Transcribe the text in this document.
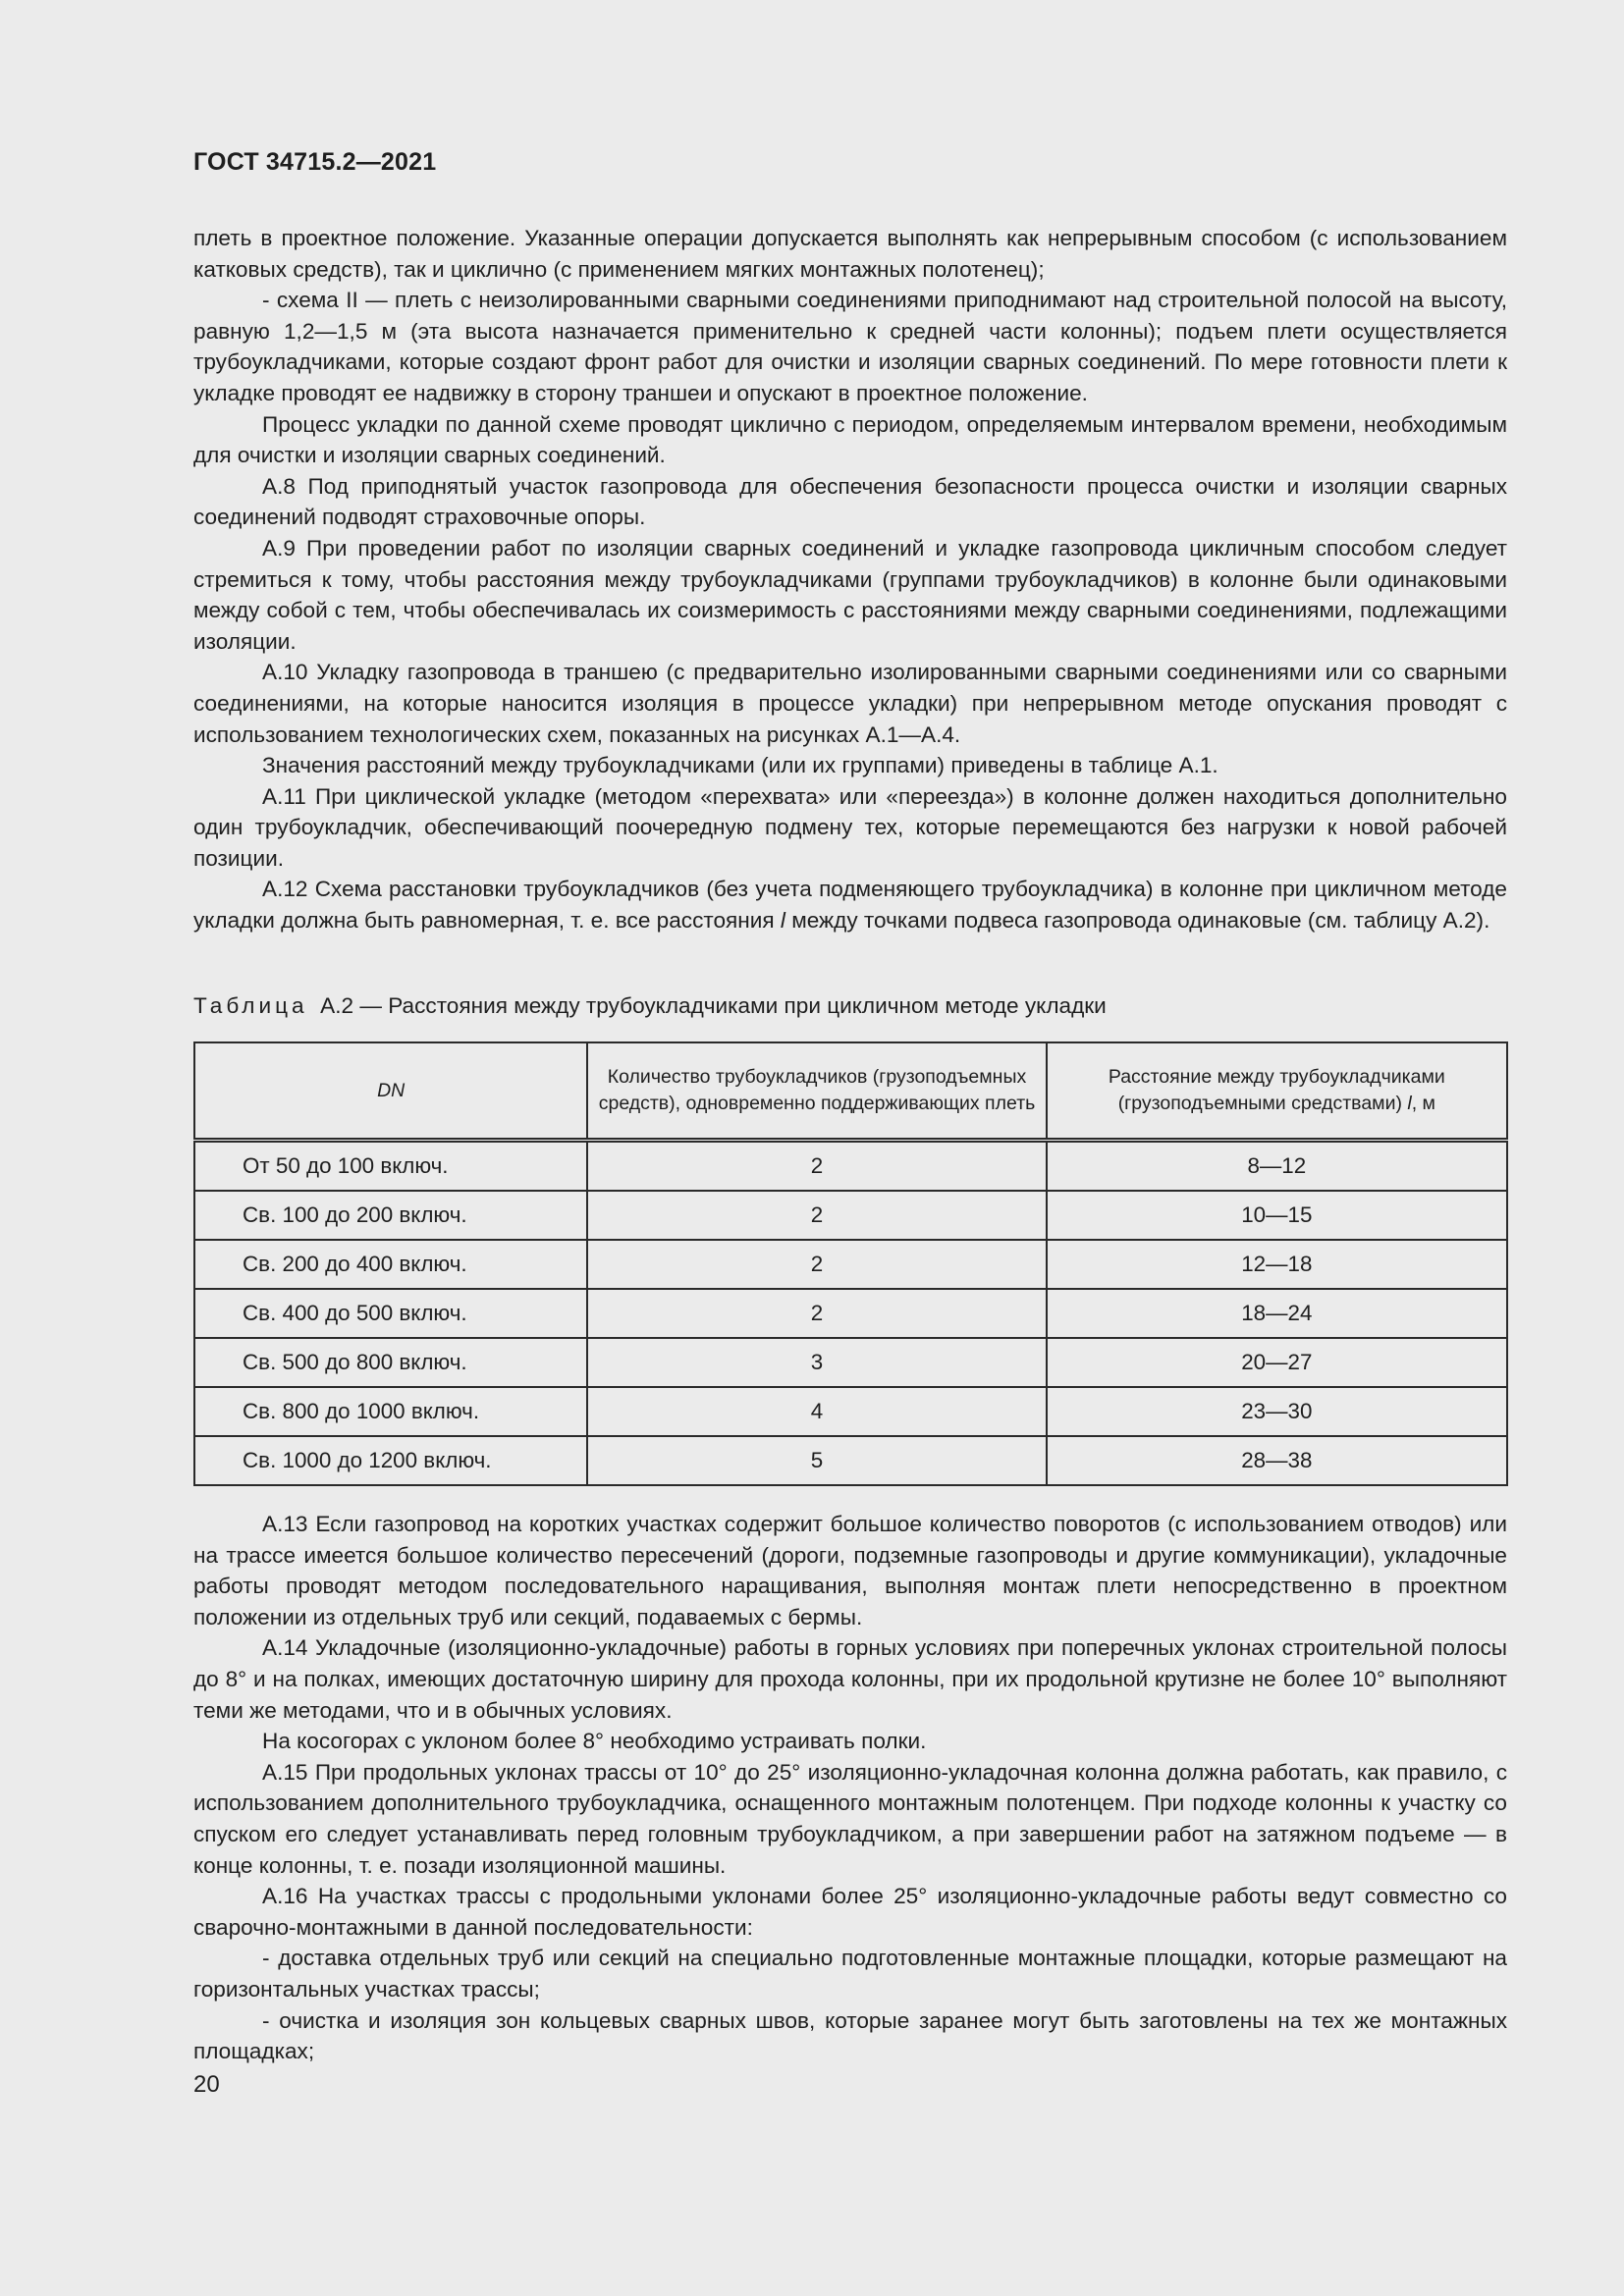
ГОСТ 34715.2—2021

плеть в проектное положение. Указанные операции допускается выполнять как непрерывным способом (с использованием катковых средств), так и циклично (с применением мягких монтажных полотенец);

- схема II — плеть с неизолированными сварными соединениями приподнимают над строительной полосой на высоту, равную 1,2—1,5 м (эта высота назначается применительно к средней части колонны); подъем плети осуществляется трубоукладчиками, которые создают фронт работ для очистки и изоляции сварных соединений. По мере готовности плети к укладке проводят ее надвижку в сторону траншеи и опускают в проектное положение.

Процесс укладки по данной схеме проводят циклично с периодом, определяемым интервалом времени, необходимым для очистки и изоляции сварных соединений.

А.8 Под приподнятый участок газопровода для обеспечения безопасности процесса очистки и изоляции сварных соединений подводят страховочные опоры.

А.9 При проведении работ по изоляции сварных соединений и укладке газопровода цикличным способом следует стремиться к тому, чтобы расстояния между трубоукладчиками (группами трубоукладчиков) в колонне были одинаковыми между собой с тем, чтобы обеспечивалась их соизмеримость с расстояниями между сварными соединениями, подлежащими изоляции.

А.10 Укладку газопровода в траншею (с предварительно изолированными сварными соединениями или со сварными соединениями, на которые наносится изоляция в процессе укладки) при непрерывном методе опускания проводят с использованием технологических схем, показанных на рисунках А.1—А.4.

Значения расстояний между трубоукладчиками (или их группами) приведены в таблице А.1.

А.11 При циклической укладке (методом «перехвата» или «переезда») в колонне должен находиться дополнительно один трубоукладчик, обеспечивающий поочередную подмену тех, которые перемещаются без нагрузки к новой рабочей позиции.

А.12 Схема расстановки трубоукладчиков (без учета подменяющего трубоукладчика) в колонне при цикличном методе укладки должна быть равномерная, т. е. все расстояния l между точками подвеса газопровода одинаковые (см. таблицу А.2).

Таблица А.2 — Расстояния между трубоукладчиками при цикличном методе укладки
DN	Количество трубоукладчиков (грузоподъемных средств), одновременно поддерживающих плеть	Расстояние между трубоукладчиками (грузоподъемными средствами) l, м
От 50 до 100 включ.	2	8—12
Св. 100 до 200 включ.	2	10—15
Св. 200 до 400 включ.	2	12—18
Св. 400 до 500 включ.	2	18—24
Св. 500 до 800 включ.	3	20—27
Св. 800 до 1000 включ.	4	23—30
Св. 1000 до 1200 включ.	5	28—38

А.13 Если газопровод на коротких участках содержит большое количество поворотов (с использованием отводов) или на трассе имеется большое количество пересечений (дороги, подземные газопроводы и другие коммуникации), укладочные работы проводят методом последовательного наращивания, выполняя монтаж плети непосредственно в проектном положении из отдельных труб или секций, подаваемых с бермы.

А.14 Укладочные (изоляционно-укладочные) работы в горных условиях при поперечных уклонах строительной полосы до 8° и на полках, имеющих достаточную ширину для прохода колонны, при их продольной крутизне не более 10° выполняют теми же методами, что и в обычных условиях.

На косогорах с уклоном более 8° необходимо устраивать полки.

А.15 При продольных уклонах трассы от 10° до 25° изоляционно-укладочная колонна должна работать, как правило, с использованием дополнительного трубоукладчика, оснащенного монтажным полотенцем. При подходе колонны к участку со спуском его следует устанавливать перед головным трубоукладчиком, а при завершении работ на затяжном подъеме — в конце колонны, т. е. позади изоляционной машины.

А.16 На участках трассы с продольными уклонами более 25° изоляционно-укладочные работы ведут совместно со сварочно-монтажными в данной последовательности:

- доставка отдельных труб или секций на специально подготовленные монтажные площадки, которые размещают на горизонтальных участках трассы;

- очистка и изоляция зон кольцевых сварных швов, которые заранее могут быть заготовлены на тех же монтажных площадках;

20
